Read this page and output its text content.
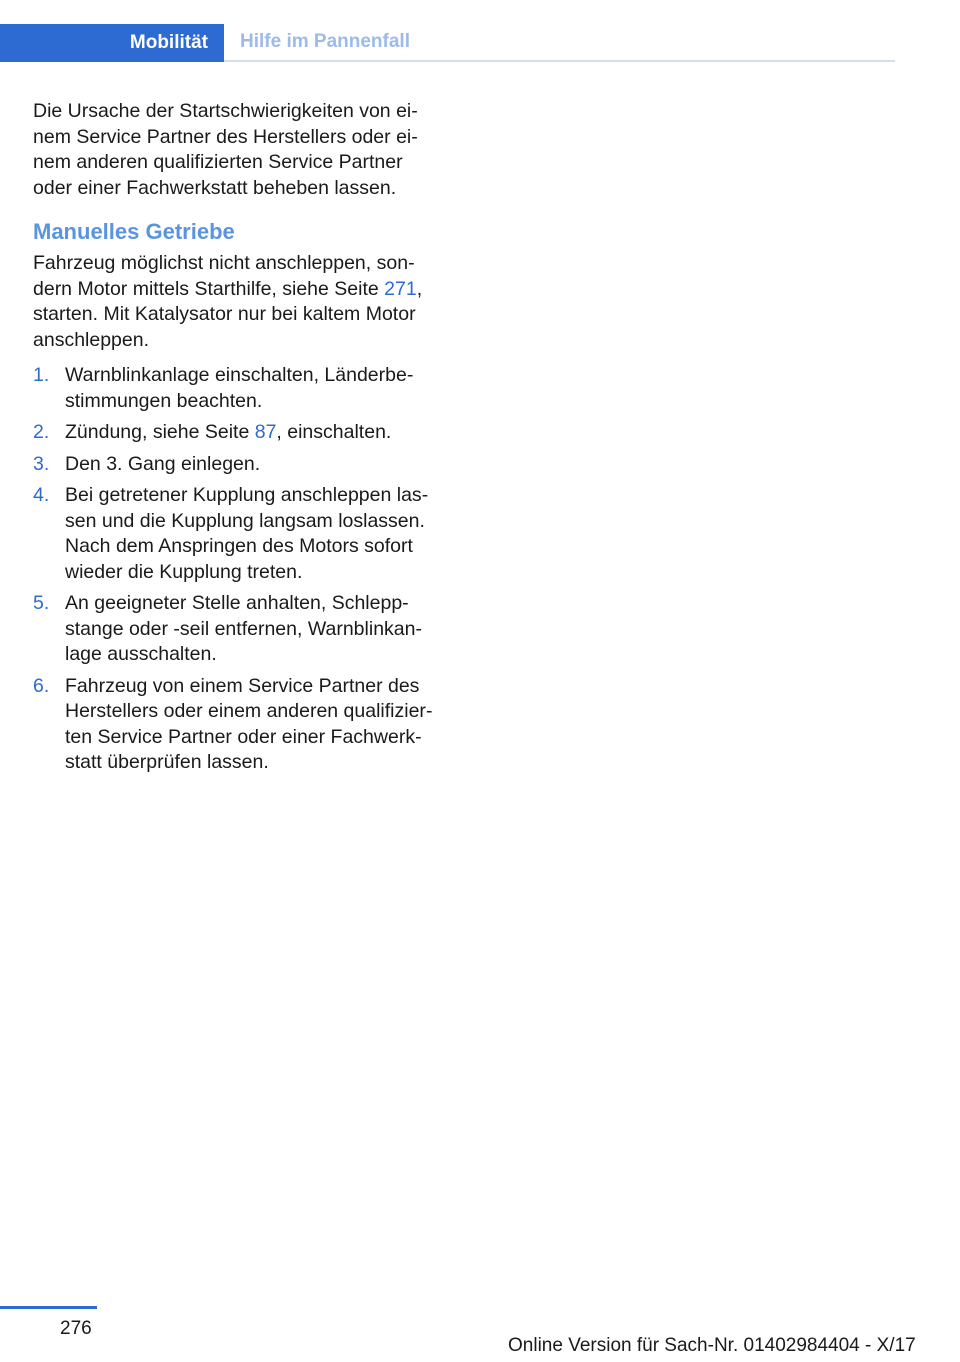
Mobilität	Hilfe im Pannenfall

Die Ursache der Startschwierigkeiten von einem Service Partner des Herstellers oder einem anderen qualifizierten Service Partner oder einer Fachwerkstatt beheben lassen.

Manuelles Getriebe

Fahrzeug möglichst nicht anschleppen, sondern Motor mittels Starthilfe, siehe Seite 271, starten. Mit Katalysator nur bei kaltem Motor anschleppen.

1. Warnblinkanlage einschalten, Länderbestimmungen beachten.
2. Zündung, siehe Seite 87, einschalten.
3. Den 3. Gang einlegen.
4. Bei getretener Kupplung anschleppen lassen und die Kupplung langsam loslassen. Nach dem Anspringen des Motors sofort wieder die Kupplung treten.
5. An geeigneter Stelle anhalten, Schleppstange oder -seil entfernen, Warnblinkanlage ausschalten.
6. Fahrzeug von einem Service Partner des Herstellers oder einem anderen qualifizierten Service Partner oder einer Fachwerkstatt überprüfen lassen.
276
Online Version für Sach-Nr. 01402984404 - X/17
